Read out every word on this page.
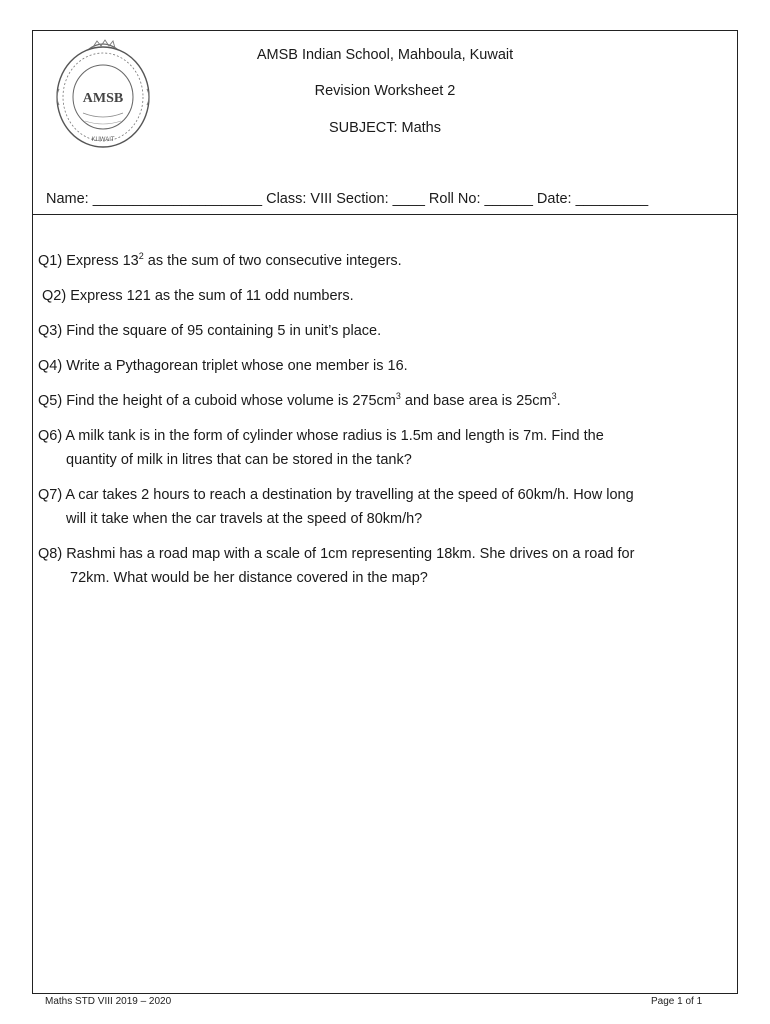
AMSB
KUWAIT
AMSB Indian School, Mahboula, Kuwait
Revision Worksheet 2
SUBJECT: Maths
Name: _____________________ Class: VIII Section: ____ Roll No: ______ Date: _________
Q1) Express $13^2$ as the sum of two consecutive integers.
Q2) Express 121 as the sum of 11 odd numbers.
Q3) Find the square of 95 containing 5 in unit’s place.
Q4) Write a Pythagorean triplet whose one member is 16.
Q5) Find the height of a cuboid whose volume is $275cm^3$ and base area is $25cm^3$.
Q6) A milk tank is in the form of cylinder whose radius is 1.5m and length is 7m. Find the
quantity of milk in litres that can be stored in the tank?
Q7) A car takes 2 hours to reach a destination by travelling at the speed of 60km/h. How long
will it take when the car travels at the speed of 80km/h?
Q8) Rashmi has a road map with a scale of 1cm representing 18km. She drives on a road for
72km. What would be her distance covered in the map?
Maths STD VIII 2019 – 2020	Page 1 of 1
